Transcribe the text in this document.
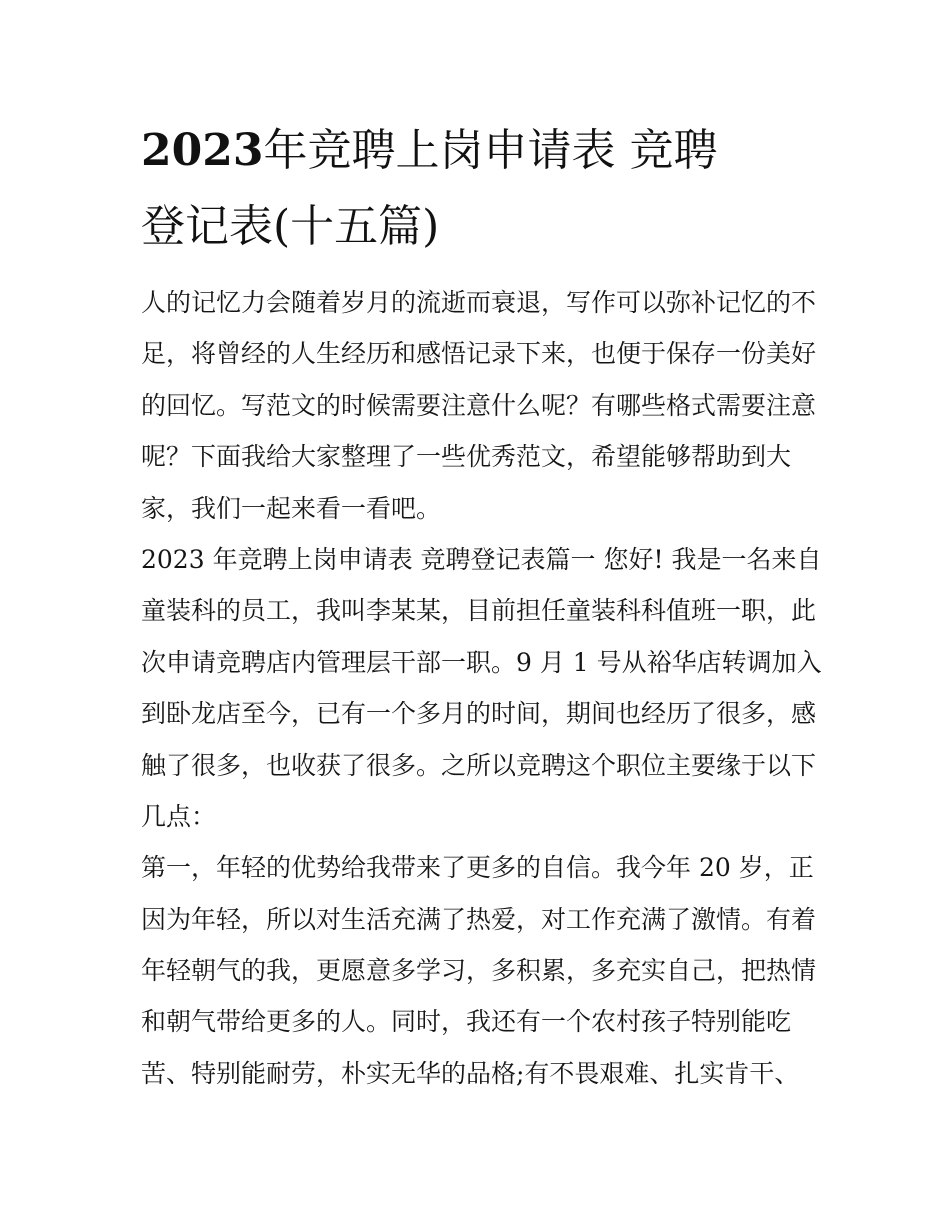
2023年竞聘上岗申请表 竞聘
登记表(十五篇)
人的记忆力会随着岁月的流逝而衰退，写作可以弥补记忆的不
足，将曾经的人生经历和感悟记录下来，也便于保存一份美好
的回忆。写范文的时候需要注意什么呢？有哪些格式需要注意
呢？下面我给大家整理了一些优秀范文，希望能够帮助到大
家，我们一起来看一看吧。
2023 年竞聘上岗申请表 竞聘登记表篇一 您好! 我是一名来自
童装科的员工，我叫李某某，目前担任童装科科值班一职，此
次申请竞聘店内管理层干部一职。9 月 1 号从裕华店转调加入
到卧龙店至今，已有一个多月的时间，期间也经历了很多，感
触了很多，也收获了很多。之所以竞聘这个职位主要缘于以下
几点：
第一，年轻的优势给我带来了更多的自信。我今年 20 岁，正
因为年轻，所以对生活充满了热爱，对工作充满了激情。有着
年轻朝气的我，更愿意多学习，多积累，多充实自己，把热情
和朝气带给更多的人。同时，我还有一个农村孩子特别能吃
苦、特别能耐劳，朴实无华的品格;有不畏艰难、扎实肯干、
